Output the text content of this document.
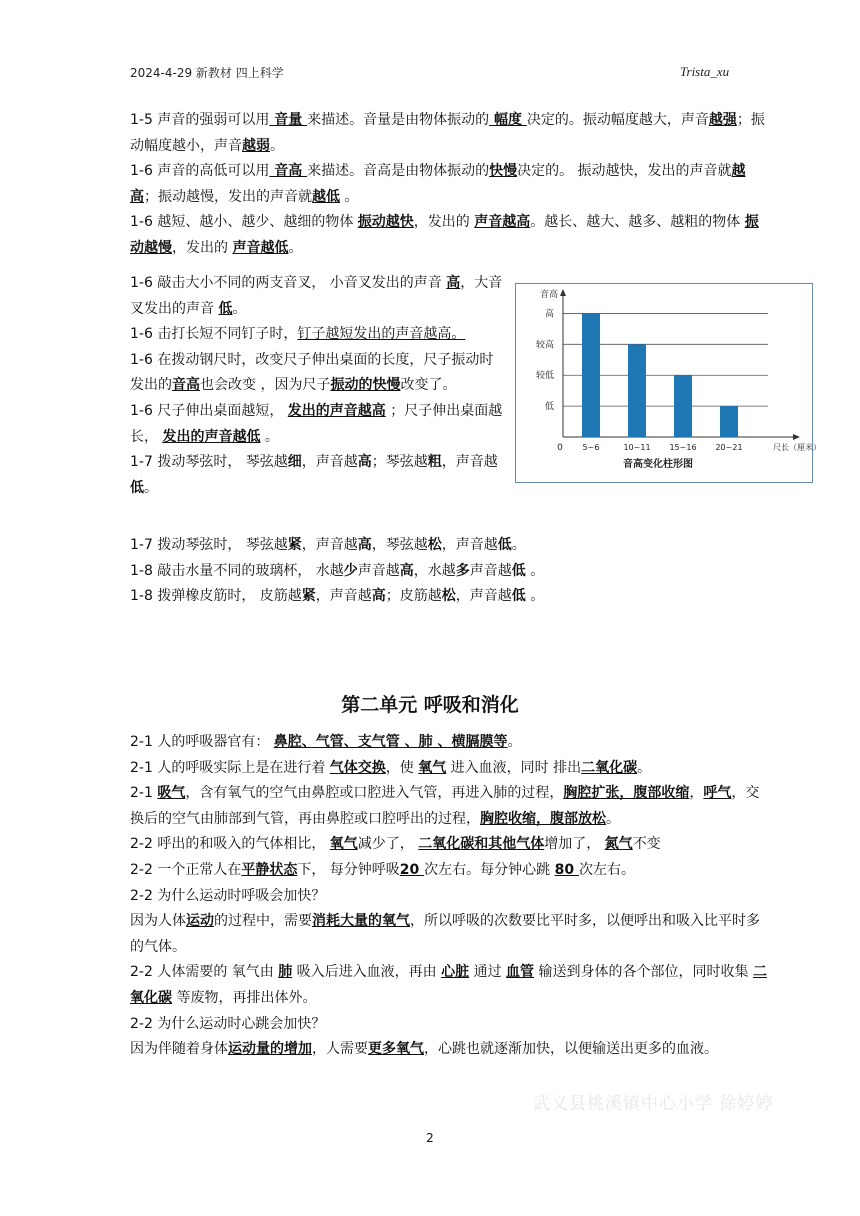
2024-4-29 新教材 四上科学	Trista_xu

1-5 声音的强弱可以用 音量 来描述。音量是由物体振动的 幅度 决定的。振动幅度越大，声音越强；振动幅度越小，声音越弱。

1-6 声音的高低可以用 音高 来描述。音高是由物体振动的快慢决定的。 振动越快，发出的声音就越高；振动越慢，发出的声音就越低 。

1-6 越短、越小、越少、越细的物体 振动越快，发出的 声音越高。越长、越大、越多、越粗的物体 振动越慢，发出的 声音越低。

1-6 敲击大小不同的两支音叉， 小音叉发出的声音 高，大音叉发出的声音 低。

1-6 击打长短不同钉子时，钉子越短发出的声音越高。

1-6 在拨动钢尺时，改变尺子伸出桌面的长度，尺子振动时发出的音高也会改变 ，因为尺子振动的快慢改变了。

1-6 尺子伸出桌面越短， 发出的声音越高 ；尺子伸出桌面越长， 发出的声音越低 。

1-7 拨动琴弦时， 琴弦越细，声音越高；琴弦越粗，声音越低。

1-7 拨动琴弦时， 琴弦越紧，声音越高，琴弦越松，声音越低。

1-8 敲击水量不同的玻璃杯， 水越少声音越高，水越多声音越低 。

1-8 拨弹橡皮筋时， 皮筋越紧，声音越高；皮筋越松，声音越低 。

低
较低
较高
高
音高
0	尺长（厘米）
5~6	10~11 15~16 20~21
音高变化柱形图
第二单元 呼吸和消化

2-1 人的呼吸器官有： 鼻腔、气管、支气管 、肺 、横膈膜等。

2-1 人的呼吸实际上是在进行着 气体交换，使 氧气 进入血液，同时 排出二氧化碳。

2-1 吸气，含有氧气的空气由鼻腔或口腔进入气管，再进入肺的过程，胸腔扩张，腹部收缩，呼气，交换后的空气由肺部到气管，再由鼻腔或口腔呼出的过程，胸腔收缩，腹部放松。

2-2 呼出的和吸入的气体相比， 氧气减少了， 二氧化碳和其他气体增加了， 氮气不变

2-2 一个正常人在平静状态下， 每分钟呼吸20 次左右。每分钟心跳 80 次左右。

2-2 为什么运动时呼吸会加快？

因为人体运动的过程中，需要消耗大量的氧气，所以呼吸的次数要比平时多，以便呼出和吸入比平时多的气体。

2-2 人体需要的 氧气由 肺 吸入后进入血液，再由 心脏 通过 血管 输送到身体的各个部位，同时收集 二氧化碳 等废物，再排出体外。

2-2 为什么运动时心跳会加快？

因为伴随着身体运动量的增加，人需要更多氧气，心跳也就逐渐加快，以便输送出更多的血液。

武义县桃溪镇中心小学 徐婷婷
2
